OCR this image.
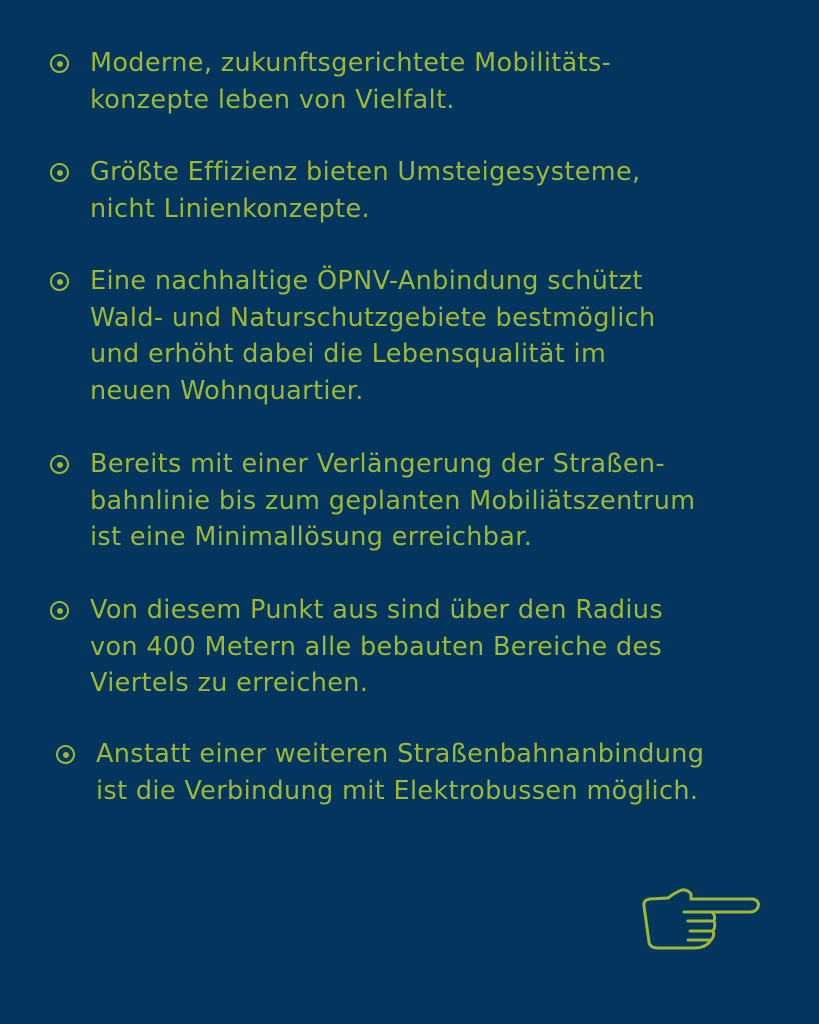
Moderne, zukunftsgerichtete Mobilitäts-
konzepte leben von Vielfalt.
Größte Effizienz bieten Umsteigesysteme,
nicht Linienkonzepte.
Eine nachhaltige ÖPNV-Anbindung schützt
Wald- und Naturschutzgebiete bestmöglich
und erhöht dabei die Lebensqualität im
neuen Wohnquartier.
Bereits mit einer Verlängerung der Straßen-
bahnlinie bis zum geplanten Mobiliätszentrum
ist eine Minimallösung erreichbar.
Von diesem Punkt aus sind über den Radius
von 400 Metern alle bebauten Bereiche des
Viertels zu erreichen.
Anstatt einer weiteren Straßenbahnanbindung
ist die Verbindung mit Elektrobussen möglich.
